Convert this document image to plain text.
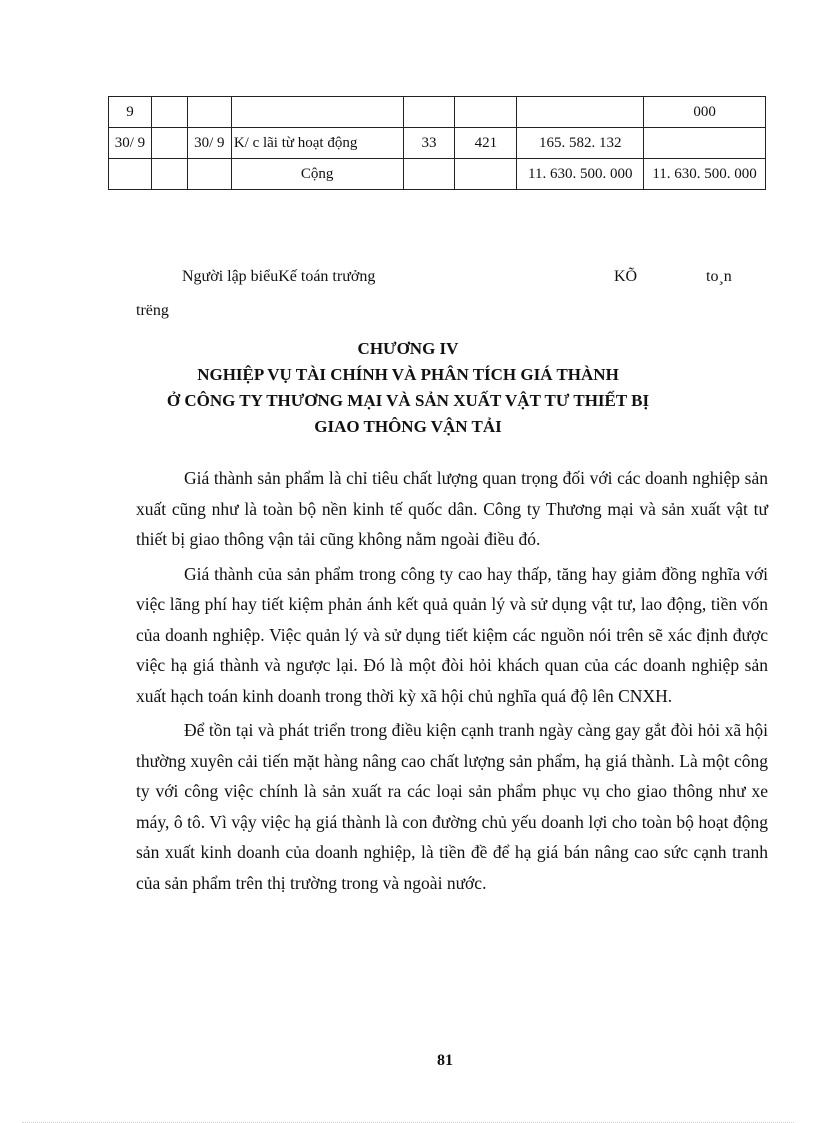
9							000
30/ 9		30/ 9	K/ c lãi từ hoạt động	33	421	165. 582. 132	
			Cộng			11. 630. 500. 000	11. 630. 500. 000
Người lập biểuKế toán trưởng	KÕ	to¸n
trëng
CHƯƠNG IV
NGHIỆP VỤ TÀI CHÍNH VÀ PHÂN TÍCH GIÁ THÀNH
Ở CÔNG TY THƯƠNG MẠI VÀ SẢN XUẤT VẬT TƯ THIẾT BỊ
GIAO THÔNG VẬN TẢI

Giá thành sản phẩm là chỉ tiêu chất lượng quan trọng đối với các doanh nghiệp sản xuất cũng như là toàn bộ nền kinh tế quốc dân. Công ty Thương mại và sản xuất vật tư thiết bị giao thông vận tải cũng không nằm ngoài điều đó.

Giá thành của sản phẩm trong công ty cao hay thấp, tăng hay giảm đồng nghĩa với việc lãng phí hay tiết kiệm phản ánh kết quả quản lý và sử dụng vật tư, lao động, tiền vốn của doanh nghiệp. Việc quản lý và sử dụng tiết kiệm các nguồn nói trên sẽ xác định được việc hạ giá thành và ngược lại. Đó là một đòi hỏi khách quan của các doanh nghiệp sản xuất hạch toán kinh doanh trong thời kỳ xã hội chủ nghĩa quá độ lên CNXH.

Để tồn tại và phát triển trong điều kiện cạnh tranh ngày càng gay gắt đòi hỏi xã hội thường xuyên cải tiến mặt hàng nâng cao chất lượng sản phẩm, hạ giá thành. Là một công ty với công việc chính là sản xuất ra các loại sản phẩm phục vụ cho giao thông như xe máy, ô tô. Vì vậy việc hạ giá thành là con đường chủ yếu doanh lợi cho toàn bộ hoạt động sản xuất kinh doanh của doanh nghiệp, là tiền đề để hạ giá bán nâng cao sức cạnh tranh của sản phẩm trên thị trường trong và ngoài nước.

81
